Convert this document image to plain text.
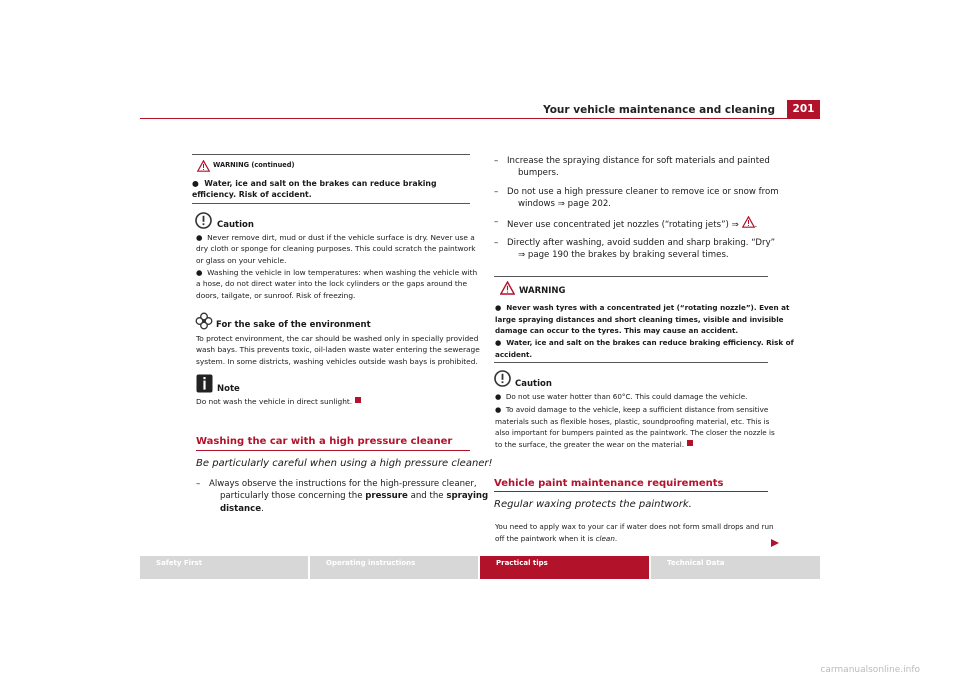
Your vehicle maintenance and cleaning	201
WARNING (continued)
● Water, ice and salt on the brakes can reduce braking efficiency. Risk of accident.
Caution
●  Never remove dirt, mud or dust if the vehicle surface is dry. Never use a
dry cloth or sponge for cleaning purposes. This could scratch the paintwork
or glass on your vehicle.
●  Washing the vehicle in low temperatures: when washing the vehicle with
a hose, do not direct water into the lock cylinders or the gaps around the
doors, tailgate, or sunroof. Risk of freezing.
For the sake of the environment
To protect environment, the car should be washed only in specially provided
wash bays. This prevents toxic, oil-laden waste water entering the sewerage
system. In some districts, washing vehicles outside wash bays is prohibited.
Note
Do not wash the vehicle in direct sunlight.
Washing the car with a high pressure cleaner
Be particularly careful when using a high pressure cleaner!
– Always observe the instructions for the high-pressure cleaner,
particularly those concerning the pressure and the spraying
distance.
– Increase the spraying distance for soft materials and painted
bumpers.
– Do not use a high pressure cleaner to remove ice or snow from
windows ⇒ page 202.
– Never use concentrated jet nozzles (“rotating jets”) ⇒ .
– Directly after washing, avoid sudden and sharp braking. “Dry”
⇒ page 190 the brakes by braking several times.
WARNING
●  Never wash tyres with a concentrated jet (“rotating nozzle”). Even at
large spraying distances and short cleaning times, visible and invisible
damage can occur to the tyres. This may cause an accident.
●  Water, ice and salt on the brakes can reduce braking efficiency. Risk of
accident.
Caution
●  Do not use water hotter than 60°C. This could damage the vehicle.
●  To avoid damage to the vehicle, keep a sufficient distance from sensitive
materials such as flexible hoses, plastic, soundproofing material, etc. This is
also important for bumpers painted as the paintwork. The closer the nozzle is
to the surface, the greater the wear on the material.
Vehicle paint maintenance requirements
Regular waxing protects the paintwork.
You need to apply wax to your car if water does not form small drops and run
off the paintwork when it is clean.
Safety First	Operating instructions	Practical tips	Technical Data
carmanualsonline.info
